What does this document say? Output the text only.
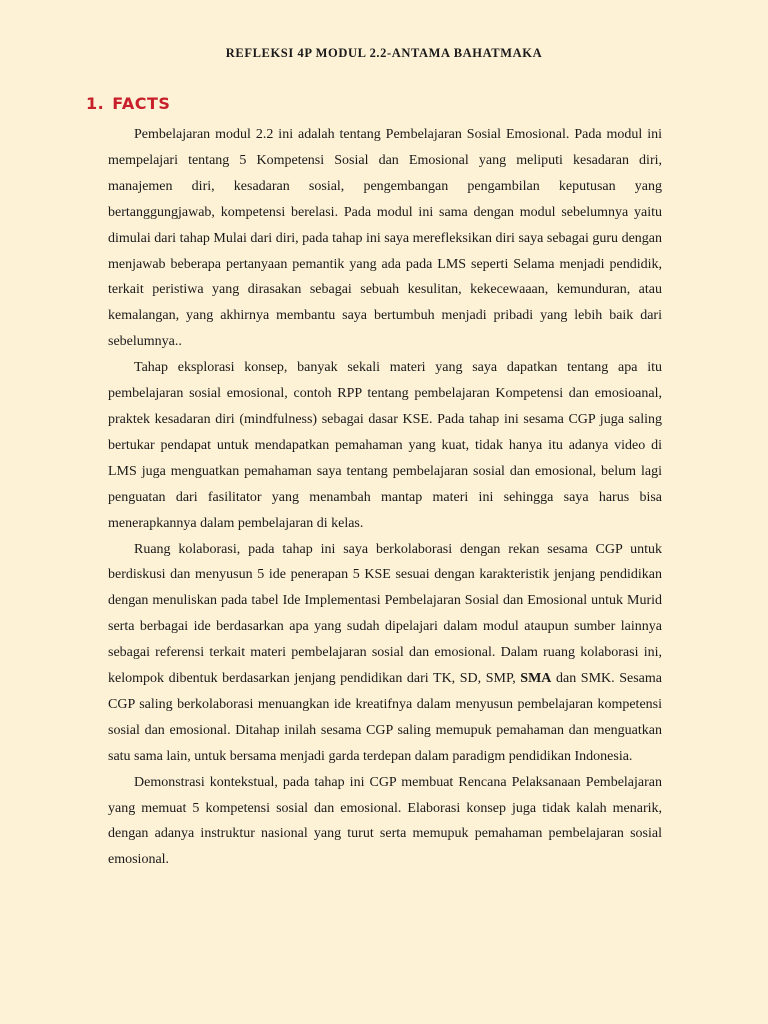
REFLEKSI 4P MODUL 2.2-ANTAMA BAHATMAKA
1. FACTS

Pembelajaran modul 2.2 ini adalah tentang Pembelajaran Sosial Emosional. Pada modul ini mempelajari tentang 5 Kompetensi Sosial dan Emosional yang meliputi kesadaran diri, manajemen diri, kesadaran sosial, pengembangan pengambilan keputusan yang bertanggungjawab, kompetensi berelasi. Pada modul ini sama dengan modul sebelumnya yaitu dimulai dari tahap Mulai dari diri, pada tahap ini saya merefleksikan diri saya sebagai guru dengan menjawab beberapa pertanyaan pemantik yang ada pada LMS seperti Selama menjadi pendidik, terkait peristiwa yang dirasakan sebagai sebuah kesulitan, kekecewaaan, kemunduran, atau kemalangan, yang akhirnya membantu saya bertumbuh menjadi pribadi yang lebih baik dari sebelumnya..

Tahap eksplorasi konsep, banyak sekali materi yang saya dapatkan tentang apa itu pembelajaran sosial emosional, contoh RPP tentang pembelajaran Kompetensi dan emosioanal, praktek kesadaran diri (mindfulness) sebagai dasar KSE. Pada tahap ini sesama CGP juga saling bertukar pendapat untuk mendapatkan pemahaman yang kuat, tidak hanya itu adanya video di LMS juga menguatkan pemahaman saya tentang pembelajaran sosial dan emosional, belum lagi penguatan dari fasilitator yang menambah mantap materi ini sehingga saya harus bisa menerapkannya dalam pembelajaran di kelas.

Ruang kolaborasi, pada tahap ini saya berkolaborasi dengan rekan sesama CGP untuk berdiskusi dan menyusun 5 ide penerapan 5 KSE sesuai dengan karakteristik jenjang pendidikan dengan menuliskan pada tabel Ide Implementasi Pembelajaran Sosial dan Emosional untuk Murid serta berbagai ide berdasarkan apa yang sudah dipelajari dalam modul ataupun sumber lainnya sebagai referensi terkait materi pembelajaran sosial dan emosional. Dalam ruang kolaborasi ini, kelompok dibentuk berdasarkan jenjang pendidikan dari TK, SD, SMP, SMA dan SMK. Sesama CGP saling berkolaborasi menuangkan ide kreatifnya dalam menyusun pembelajaran kompetensi sosial dan emosional. Ditahap inilah sesama CGP saling memupuk pemahaman dan menguatkan satu sama lain, untuk bersama menjadi garda terdepan dalam paradigm pendidikan Indonesia.

Demonstrasi kontekstual, pada tahap ini CGP membuat Rencana Pelaksanaan Pembelajaran yang memuat 5 kompetensi sosial dan emosional. Elaborasi konsep juga tidak kalah menarik, dengan adanya instruktur nasional yang turut serta memupuk pemahaman pembelajaran sosial emosional.
